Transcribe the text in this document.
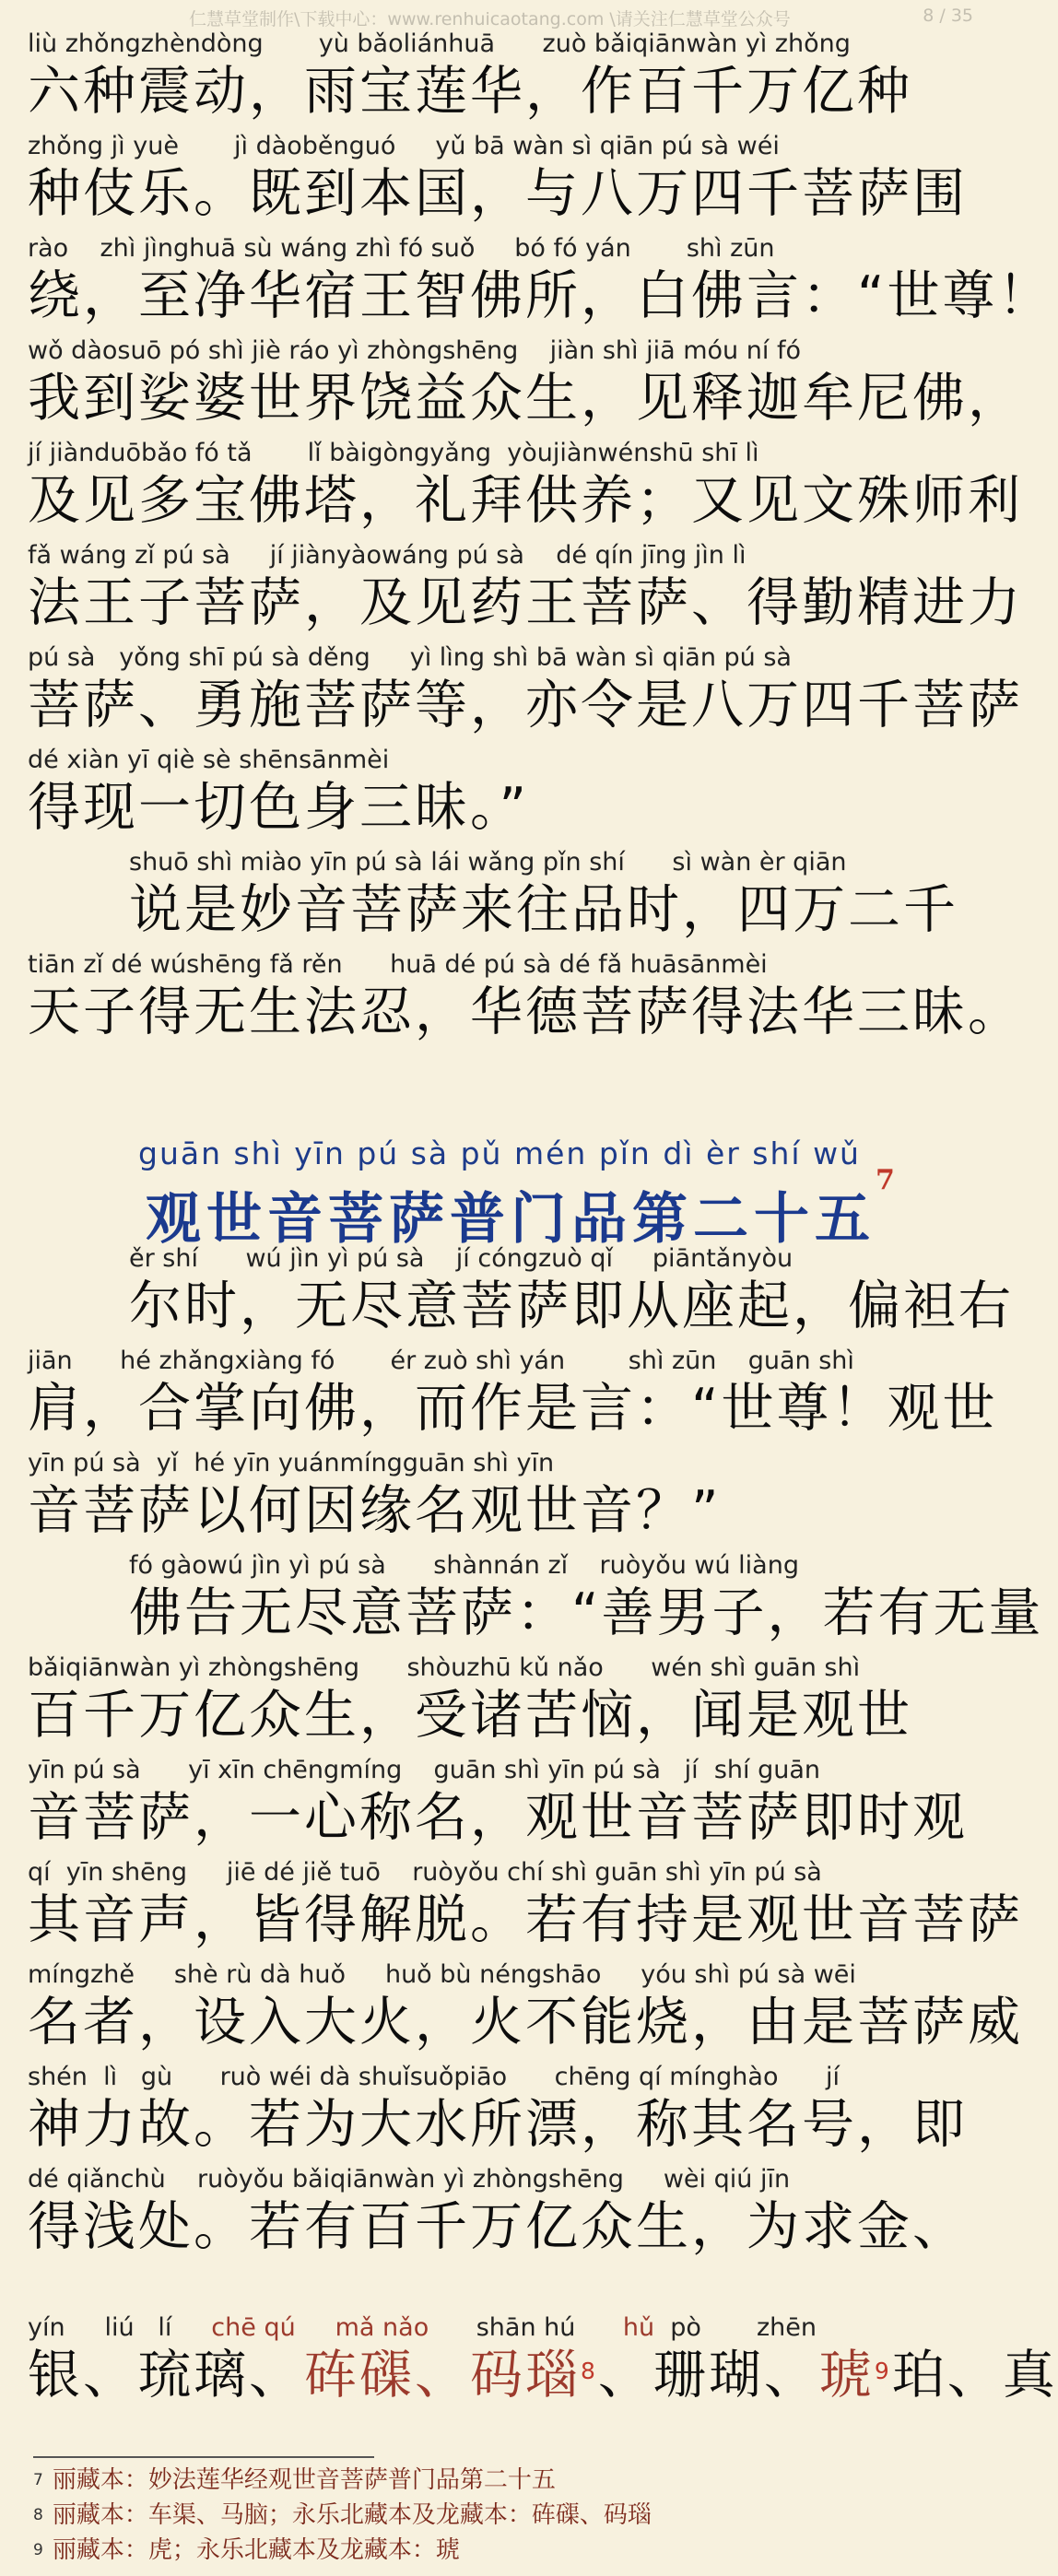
仁慧草堂制作\下载中心：www.renhuicaotang.com \请关注仁慧草堂公众号	8 / 35
liù zhǒngzhèndòng       yù bǎoliánhuā      zuò bǎiqiānwàn yì zhǒng
六种震动，雨宝莲华，作百千万亿种
zhǒng jì yuè       jì dàoběnguó     yǔ bā wàn sì qiān pú sà wéi
种伎乐。既到本国，与八万四千菩萨围
rào    zhì jìnghuā sù wáng zhì fó suǒ     bó fó yán       shì zūn
绕，至净华宿王智佛所，白佛言：“世尊！
wǒ dàosuō pó shì jiè ráo yì zhòngshēng    jiàn shì jiā móu ní fó
我到娑婆世界饶益众生，见释迦牟尼佛，
jí jiànduōbǎo fó tǎ       lǐ bàigòngyǎng  yòujiànwénshū shī lì
及见多宝佛塔，礼拜供养；又见文殊师利
fǎ wáng zǐ pú sà     jí jiànyàowáng pú sà    dé qín jīng jìn lì
法王子菩萨，及见药王菩萨、得勤精进力
pú sà   yǒng shī pú sà děng     yì lìng shì bā wàn sì qiān pú sà
菩萨、勇施菩萨等，亦令是八万四千菩萨
dé xiàn yī qiè sè shēnsānmèi
得现一切色身三昧。”
shuō shì miào yīn pú sà lái wǎng pǐn shí      sì wàn èr qiān
说是妙音菩萨来往品时，四万二千
tiān zǐ dé wúshēng fǎ rěn      huā dé pú sà dé fǎ huāsānmèi
天子得无生法忍，华德菩萨得法华三昧。
guān shì yīn pú sà pǔ mén pǐn dì èr shí wǔ
观世音菩萨普门品第二十五$^7$
ěr shí      wú jìn yì pú sà    jí cóngzuò qǐ     piāntǎnyòu
尔时，无尽意菩萨即从座起，偏袒右
jiān      hé zhǎngxiàng fó       ér zuò shì yán        shì zūn    guān shì
肩，合掌向佛，而作是言：“世尊！观世
yīn pú sà  yǐ  hé yīn yuánmíngguān shì yīn
音菩萨以何因缘名观世音？”
fó gàowú jìn yì pú sà      shànnán zǐ    ruòyǒu wú liàng
佛告无尽意菩萨：“善男子，若有无量
bǎiqiānwàn yì zhòngshēng      shòuzhū kǔ nǎo      wén shì guān shì
百千万亿众生，受诸苦恼，闻是观世
yīn pú sà      yī xīn chēngmíng    guān shì yīn pú sà   jí  shí guān
音菩萨，一心称名，观世音菩萨即时观
qí  yīn shēng     jiē dé jiě tuō    ruòyǒu chí shì guān shì yīn pú sà
其音声，皆得解脱。若有持是观世音菩萨
míngzhě     shè rù dà huǒ     huǒ bù néngshāo     yóu shì pú sà wēi
名者，设入大火，火不能烧，由是菩萨威
shén  lì   gù      ruò wéi dà shuǐsuǒpiāo      chēng qí mínghào      jí
神力故。若为大水所漂，称其名号，即
dé qiǎnchù    ruòyǒu bǎiqiānwàn yì zhòngshēng     wèi qiú jīn
得浅处。若有百千万亿众生，为求金、
yín     liú   lí     chē qú     mǎ nǎo      shān hú      hǔ  pò       zhēn
银、琉璃、砗磲、码瑙$^8$、珊瑚、琥$^9$珀、真
$^7$ 丽藏本：妙法莲华经观世音菩萨普门品第二十五
$^8$ 丽藏本：车渠、马脑；永乐北藏本及龙藏本：砗磲、码瑙
$^9$ 丽藏本：虎；永乐北藏本及龙藏本：琥
